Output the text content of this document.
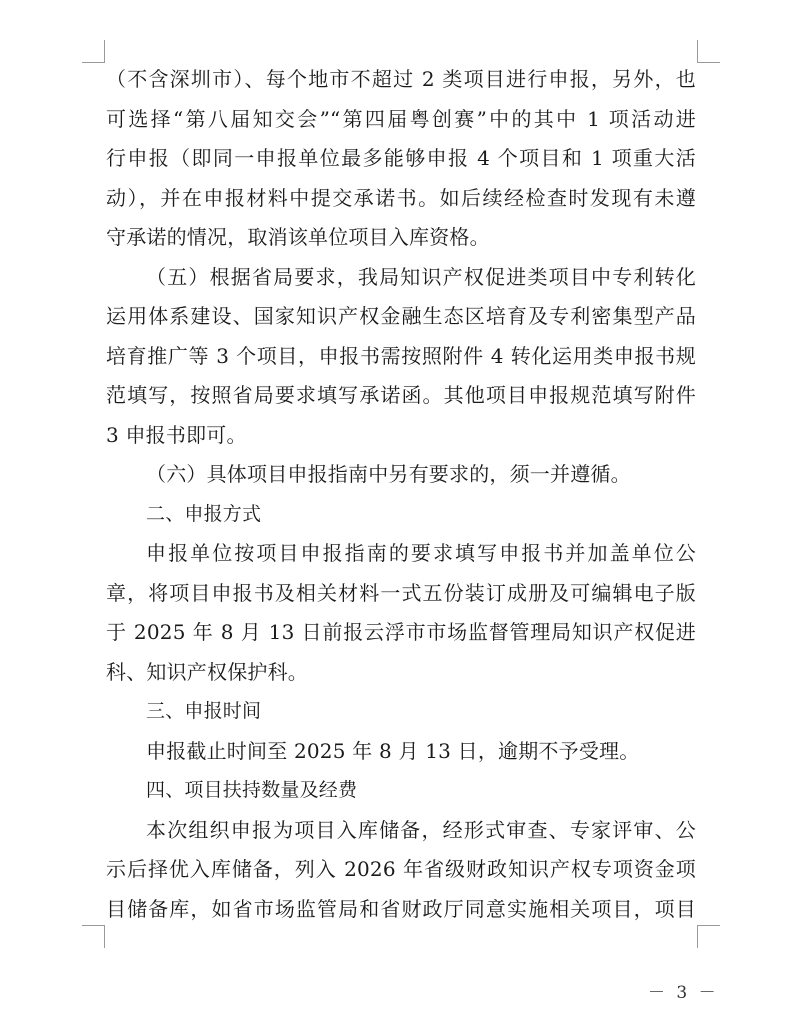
（不含深圳市）、每个地市不超过 2 类项目进行申报，另外，也
可选择“第八届知交会”“第四届粤创赛”中的其中 1 项活动进
行申报（即同一申报单位最多能够申报 4 个项目和 1 项重大活
动），并在申报材料中提交承诺书。如后续经检查时发现有未遵
守承诺的情况，取消该单位项目入库资格。
（五）根据省局要求，我局知识产权促进类项目中专利转化
运用体系建设、国家知识产权金融生态区培育及专利密集型产品
培育推广等 3 个项目，申报书需按照附件 4 转化运用类申报书规
范填写，按照省局要求填写承诺函。其他项目申报规范填写附件
3 申报书即可。
（六）具体项目申报指南中另有要求的，须一并遵循。
二、申报方式
申报单位按项目申报指南的要求填写申报书并加盖单位公
章，将项目申报书及相关材料一式五份装订成册及可编辑电子版
于 2025 年 8 月 13 日前报云浮市市场监督管理局知识产权促进
科、知识产权保护科。
三、申报时间
申报截止时间至 2025 年 8 月 13 日，逾期不予受理。
四、项目扶持数量及经费
本次组织申报为项目入库储备，经形式审查、专家评审、公
示后择优入库储备，列入 2026 年省级财政知识产权专项资金项
目储备库，如省市场监管局和省财政厅同意实施相关项目，项目
－ 3 －
